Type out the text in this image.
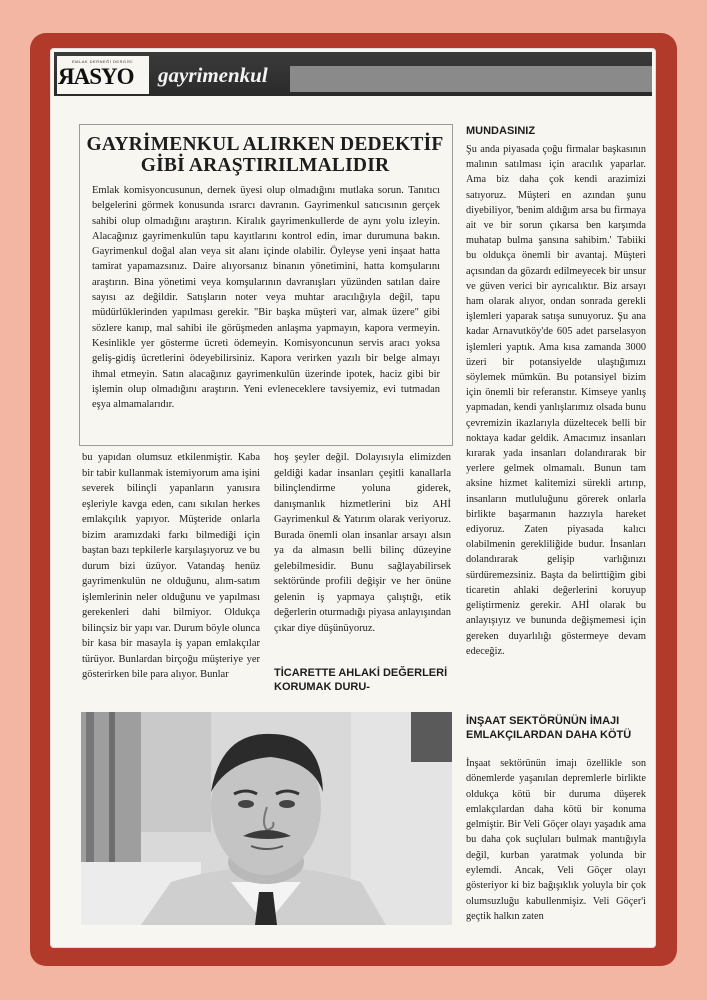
EMLAK DERNEĞİ DERGİSİ
ЯASYO gayrimenkul
GAYRİMENKUL ALIRKEN DEDEKTİF GİBİ ARAŞTIRILMALIDIR

Emlak komisyoncusunun, dernek üyesi olup olmadığını mutlaka sorun. Tanıtıcı belgelerini görmek konusunda ısrarcı davranın. Gayrimenkul satıcısının gerçek sahibi olup olmadığını araştırın. Kiralık gayrimenkullerde de aynı yolu izleyin. Alacağınız gayrimenkulün tapu kayıtlarını kontrol edin, imar durumuna bakın. Gayrimenkul doğal alan veya sit alanı içinde olabilir. Öyleyse yeni inşaat hatta tamirat yapamazsınız. Daire alıyorsanız binanın yönetimini, hatta komşularını araştırın. Bina yönetimi veya komşularının davranışları yüzünden satılan daire sayısı az değildir. Satışların noter veya muhtar aracılığıyla değil, tapu müdürlüklerinden yapılması gerekir. "Bir başka müşteri var, almak üzere" gibi sözlere kanıp, mal sahibi ile görüşmeden anlaşma yapmayın, kapora vermeyin. Kesinlikle yer gösterme ücreti ödemeyin. Komisyoncunun servis aracı yoksa geliş-gidiş ücretlerini ödeyebilirsiniz. Kapora verirken yazılı bir belge almayı ihmal etmeyin. Satın alacağınız gayrimenkulün üzerinde ipotek, haciz gibi bir işlemin olup olmadığını araştırın. Yeni evleneceklere tavsiyemiz, evi tutmadan eşya almamalarıdır.

bu yapıdan olumsuz etkilenmiştir. Kaba bir tabir kullanmak istemiyorum ama işini severek bilinçli yapanların yanısıra eşleriyle kavga eden, canı sıkılan herkes emlakçılık yapıyor. Müşteride onlarla bizim aramızdaki farkı bilmediği için baştan bazı tepkilerle karşılaşıyoruz ve bu durum bizi üzüyor. Vatandaş henüz gayrimenkulün ne olduğunu, alım-satım işlemlerinin neler olduğunu ve yapılması gerekenleri dahi bilmiyor. Oldukça bilinçsiz bir yapı var. Durum böyle olunca bir kasa bir masayla iş yapan emlakçılar türüyor. Bunlardan birçoğu müşteriye yer gösterirken bile para alıyor. Bunlar

hoş şeyler değil. Dolayısıyla elimizden geldiği kadar insanları çeşitli kanallarla bilinçlendirme yoluna giderek, danışmanlık hizmetlerini biz AHİ Gayrimenkul & Yatırım olarak veriyoruz. Burada önemli olan insanlar arsayı alsın ya da almasın belli bilinç düzeyine gelebilmesidir. Bunu sağlayabilirsek sektöründe profili değişir ve her önüne gelenin iş yapmaya çalıştığı, etik değerlerin oturmadığı piyasa anlayışından çıkar diye düşünüyoruz.

TİCARETTE AHLAKİ DEĞERLERİ KORUMAK DURU-

MUNDASINIZ

Şu anda piyasada çoğu firmalar başkasının malının satılması için aracılık yaparlar. Ama biz daha çok kendi arazimizi satıyoruz. Müşteri en azından şunu diyebiliyor, 'benim aldığım arsa bu firmaya ait ve bir sorun çıkarsa ben karşımda muhatap bulma şansına sahibim.' Tabiiki bu oldukça önemli bir avantaj. Müşteri açısından da gözardı edilmeyecek bir unsur ve güven verici bir ayrıcalıktır. Biz arsayı ham olarak alıyor, ondan sonrada gerekli işlemleri yaparak satışa sunuyoruz. Şu ana kadar Arnavutköy'de 605 adet parselasyon işlemleri yaptık. Ama kısa zamanda 3000 üzeri bir potansiyelde ulaştığımızı söylemek mümkün. Bu potansiyel bizim için önemli bir referanstır. Kimseye yanlış yapmadan, kendi yanlışlarımız olsada bunu çevremizin ikazlarıyla düzeltecek belli bir noktaya kadar geldik. Amacımız insanları kırarak yada insanları dolandırarak bir yerlere gelmek olmamalı. Bunun tam aksine hizmet kalitemizi sürekli artırıp, insanların mutluluğunu görerek onlarla birlikte başarmanın hazzıyla hareket ediyoruz. Zaten piyasada kalıcı olabilmenin gerekliliğide budur. İnsanları dolandırarak gelişip varlığınızı sürdüremezsiniz. Başta da belirttiğim gibi ticaretin ahlaki değerlerini koruyup geliştirmeniz gerekir. AHİ olarak bu anlayışıyız ve bununda değişmemesi için gereken duyarlılığı göstermeye devam edeceğiz.

İNŞAAT SEKTÖRÜNÜN İMAJI EMLAKÇILARDAN DAHA KÖTÜ

İnşaat sektörünün imajı özellikle son dönemlerde yaşanılan depremlerle birlikte oldukça kötü bir duruma düşerek emlakçılardan daha kötü bir konuma gelmiştir. Bir Veli Göçer olayı yaşadık ama bu daha çok suçluları bulmak mantığıyla değil, kurban yaratmak yolunda bir eylemdi. Ancak, Veli Göçer olayı gösteriyor ki biz bağışıklık yoluyla bir çok olumsuzluğu kabullenmişiz. Veli Göçer'i geçtik halkın zaten
